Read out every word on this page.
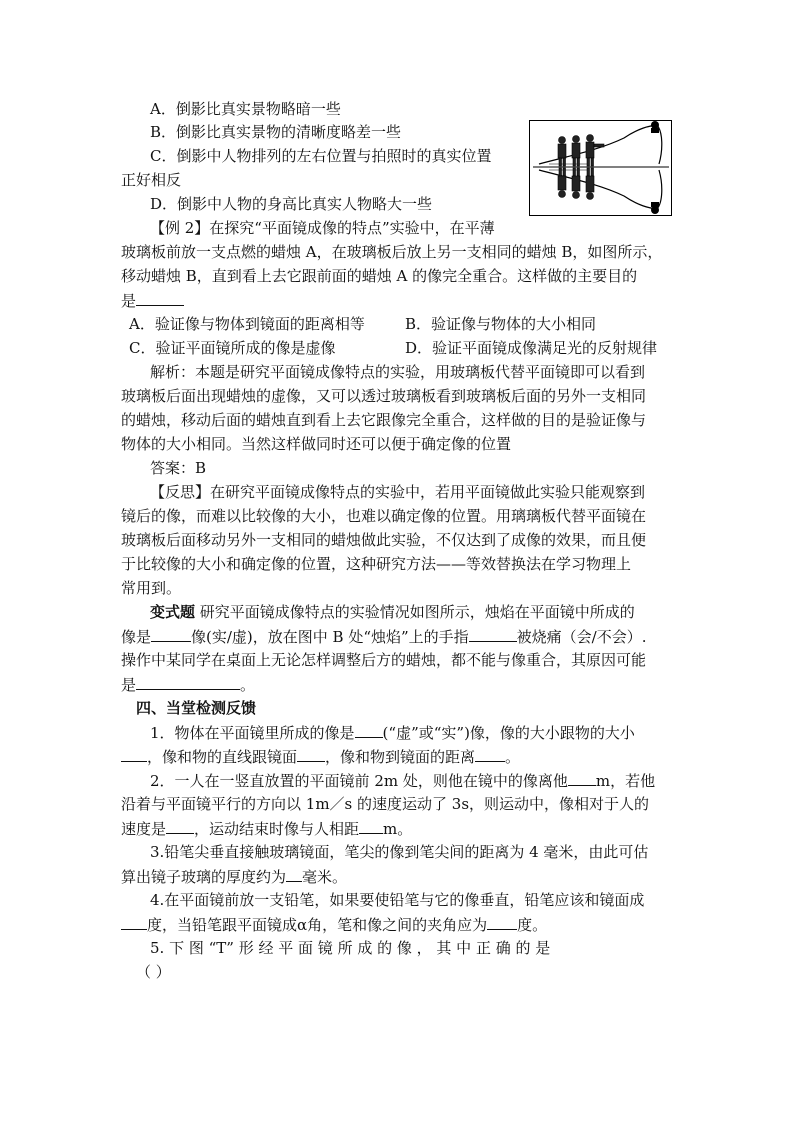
A．倒影比真实景物略暗一些
B．倒影比真实景物的清晰度略差一些
C．倒影中人物排列的左右位置与拍照时的真实位置
正好相反
D．倒影中人物的身高比真实人物略大一些
【例 2】在探究“平面镜成像的特点”实验中，在平薄
玻璃板前放一支点燃的蜡烛 A，在玻璃板后放上另一支相同的蜡烛 B，如图所示，
移动蜡烛 B，直到看上去它跟前面的蜡烛 A 的像完全重合。这样做的主要目的
是
A．验证像与物体到镜面的距离相等	B．验证像与物体的大小相同
C．验证平面镜所成的像是虚像	D．验证平面镜成像满足光的反射规律
解析：本题是研究平面镜成像特点的实验，用玻璃板代替平面镜即可以看到
玻璃板后面出现蜡烛的虚像，又可以透过玻璃板看到玻璃板后面的另外一支相同
的蜡烛，移动后面的蜡烛直到看上去它跟像完全重合，这样做的目的是验证像与
物体的大小相同。当然这样做同时还可以便于确定像的位置
答案：B
【反思】在研究平面镜成像特点的实验中，若用平面镜做此实验只能观察到
镜后的像，而难以比较像的大小，也难以确定像的位置。用璃璃板代替平面镜在
玻璃板后面移动另外一支相同的蜡烛做此实验，不仅达到了成像的效果，而且便
于比较像的大小和确定像的位置，这种研究方法——等效替换法在学习物理上
常用到。
变式题 研究平面镜成像特点的实验情况如图所示，烛焰在平面镜中所成的
像是	像(实/虚)，放在图中 B 处“烛焰”上的手指	被烧痛（会/不会）.
操作中某同学在桌面上无论怎样调整后方的蜡烛，都不能与像重合，其原因可能
是	。
四、当堂检测反馈
1．物体在平面镜里所成的像是 (“虚”或“实”)像，像的大小跟物的大小
，像和物的直线跟镜面 ，像和物到镜面的距离 。
2．一人在一竖直放置的平面镜前 2m 处，则他在镜中的像离他 m，若他
沿着与平面镜平行的方向以 1m／s 的速度运动了 3s，则运动中，像相对于人的
速度是 ，运动结束时像与人相距 m。
3.铅笔尖垂直接触玻璃镜面，笔尖的像到笔尖间的距离为 4 毫米，由此可估
算出镜子玻璃的厚度约为 毫米。
4.在平面镜前放一支铅笔，如果要使铅笔与它的像垂直，铅笔应该和镜面成
度，当铅笔跟平面镜成α角，笔和像之间的夹角应为 度。
5. 下 图 “T” 形 经 平 面 镜 所 成 的 像 ， 其 中 正 确 的 是
（ ）
